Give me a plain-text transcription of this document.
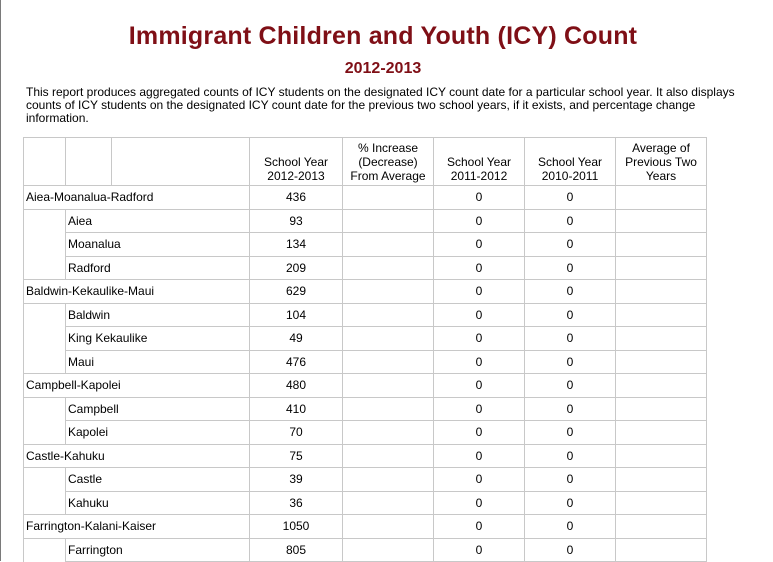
Immigrant Children and Youth (ICY) Count
2012-2013

This report produces aggregated counts of ICY students on the designated ICY count date for a particular school year. It also displays counts of ICY students on the designated ICY count date for the previous two school years, if it exists, and percentage change information.

			School Year 2012-2013	% Increase (Decrease) From Average	School Year 2011-2012	School Year 2010-2011	Average of Previous Two Years
Aiea-Moanalua-Radford			436		0	0	
	Aiea		93		0	0	
	Moanalua		134		0	0	
	Radford		209		0	0	
Baldwin-Kekaulike-Maui			629		0	0	
	Baldwin		104		0	0	
	King Kekaulike		49		0	0	
	Maui		476		0	0	
Campbell-Kapolei			480		0	0	
	Campbell		410		0	0	
	Kapolei		70		0	0	
Castle-Kahuku			75		0	0	
	Castle		39		0	0	
	Kahuku		36		0	0	
Farrington-Kalani-Kaiser			1050		0	0	
	Farrington		805		0	0	
